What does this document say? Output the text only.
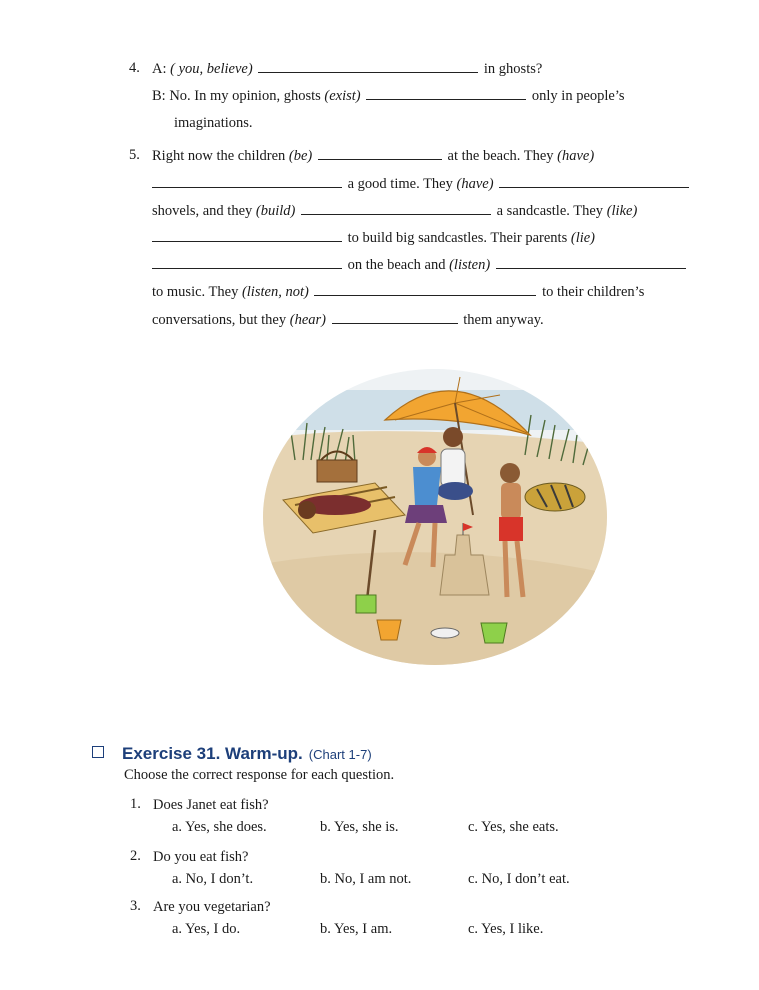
4. A: ( you, believe)	in ghosts?
B: No. In my opinion, ghosts (exist)	only in people’s
imaginations.
5. Right now the children (be)	at the beach. They (have)
a good time. They (have)
shovels, and they (build)	a sandcastle. They (like)
to build big sandcastles. Their parents (lie)
on the beach and (listen)
to music. They (listen, not)	to their children’s
conversations, but they (hear)	them anyway.
Exercise 31. Warm-up. (Chart 1-7)
Choose the correct response for each question.
1. Does Janet eat fish?
a. Yes, she does.	b. Yes, she is.	c. Yes, she eats.
2. Do you eat fish?
a. No, I don’t.	b. No, I am not.	c. No, I don’t eat.
3. Are you vegetarian?
a. Yes, I do.	b. Yes, I am.	c. Yes, I like.
